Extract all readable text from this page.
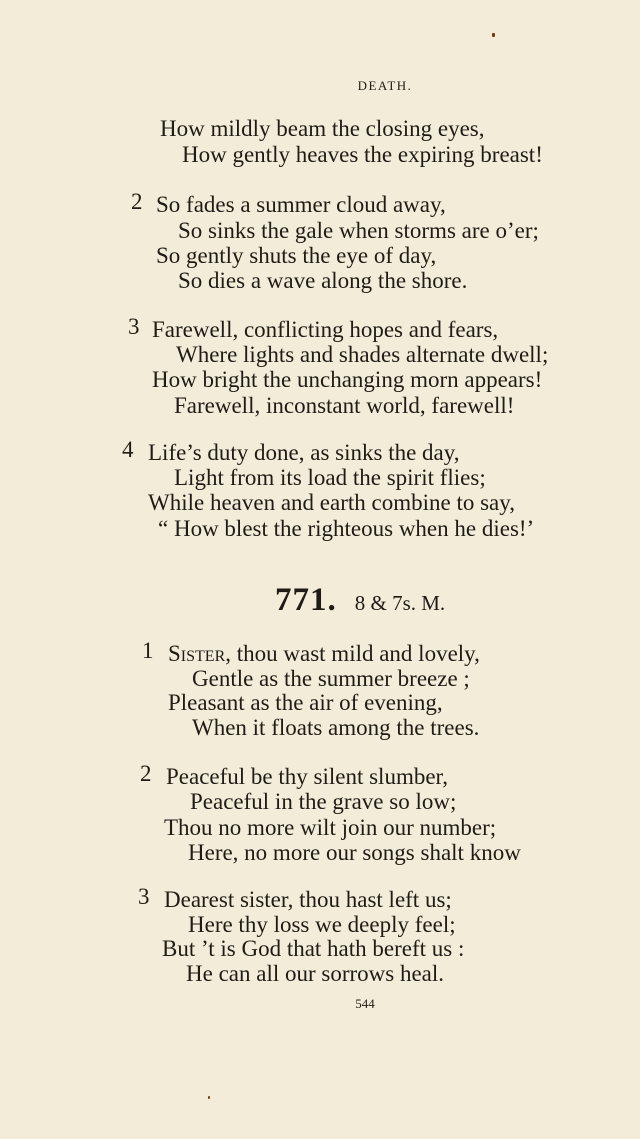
DEATH.
How mildly beam the closing eyes,
How gently heaves the expiring breast!
2 So fades a summer cloud away,
So sinks the gale when storms are o’er;
So gently shuts the eye of day,
So dies a wave along the shore.
3 Farewell, conflicting hopes and fears,
Where lights and shades alternate dwell;
How bright the unchanging morn appears!
Farewell, inconstant world, farewell!
4 Life’s duty done, as sinks the day,
Light from its load the spirit flies;
While heaven and earth combine to say,
“ How blest the righteous when he dies!’
771. 8 & 7s. M.
1 Sister, thou wast mild and lovely,
Gentle as the summer breeze ;
Pleasant as the air of evening,
When it floats among the trees.
2 Peaceful be thy silent slumber,
Peaceful in the grave so low;
Thou no more wilt join our number;
Here, no more our songs shalt know
3 Dearest sister, thou hast left us;
Here thy loss we deeply feel;
But ’t is God that hath bereft us :
He can all our sorrows heal.
544
